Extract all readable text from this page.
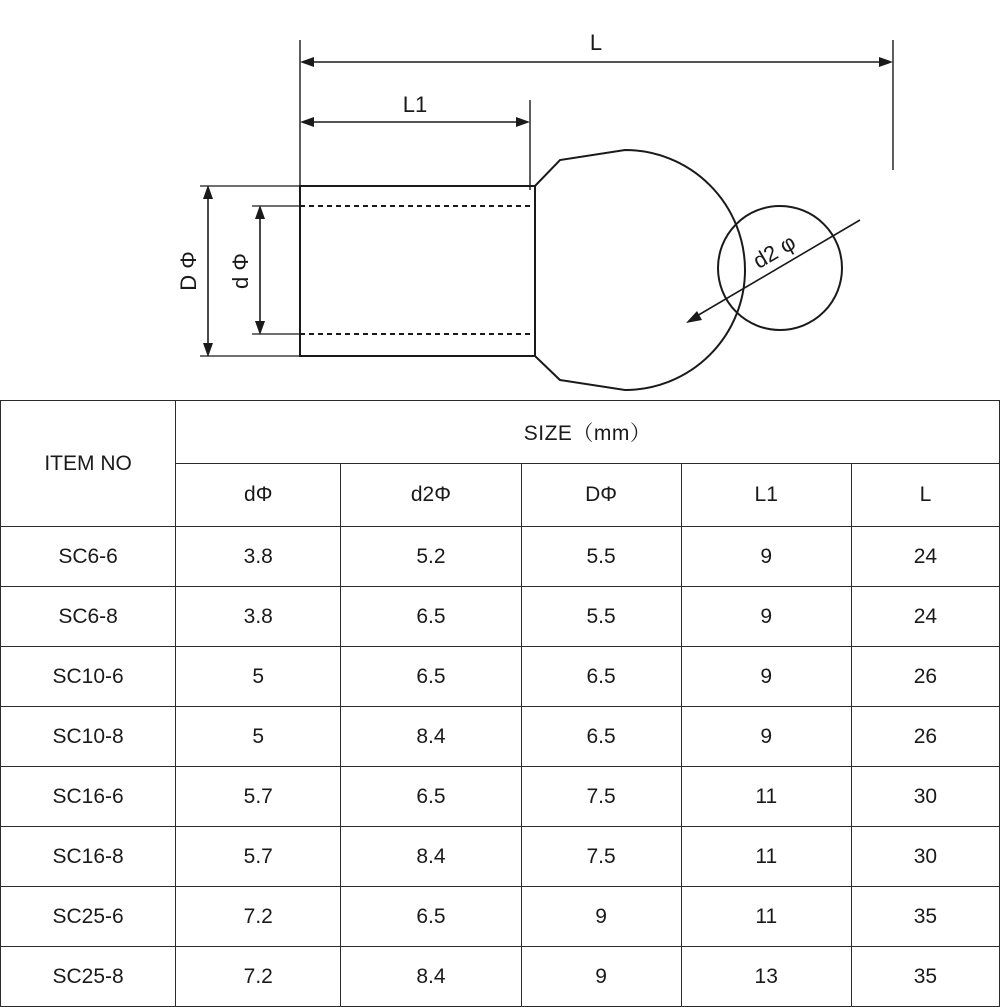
L
L1
D Φ d Φ	d2 φ
ITEM NO	SIZE（mm）				
	dΦ	d2Φ	DΦ	L1	L
SC6-6	3.8	5.2	5.5	9	24
SC6-8	3.8	6.5	5.5	9	24
SC10-6	5	6.5	6.5	9	26
SC10-8	5	8.4	6.5	9	26
SC16-6	5.7	6.5	7.5	11	30
SC16-8	5.7	8.4	7.5	11	30
SC25-6	7.2	6.5	9	11	35
SC25-8	7.2	8.4	9	13	35
